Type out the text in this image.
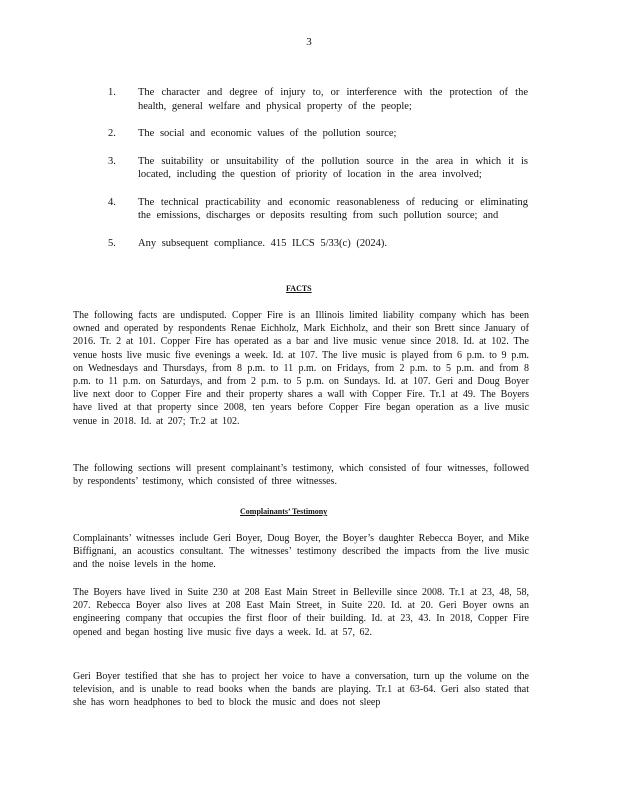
3
1.	The character and degree of injury to, or interference with the protection of the health, general welfare and physical property of the people;
2.	The social and economic values of the pollution source;
3.	The suitability or unsuitability of the pollution source in the area in which it is located, including the question of priority of location in the area involved;
4.	The technical practicability and economic reasonableness of reducing or eliminating the emissions, discharges or deposits resulting from such pollution source; and
5.	Any subsequent compliance. 415 ILCS 5/33(c) (2024).
FACTS

The following facts are undisputed. Copper Fire is an Illinois limited liability company which has been owned and operated by respondents Renae Eichholz, Mark Eichholz, and their son Brett since January of 2016. Tr. 2 at 101. Copper Fire has operated as a bar and live music venue since 2018. Id. at 102. The venue hosts live music five evenings a week. Id. at 107. The live music is played from 6 p.m. to 9 p.m. on Wednesdays and Thursdays, from 8 p.m. to 11 p.m. on Fridays, from 2 p.m. to 5 p.m. and from 8 p.m. to 11 p.m. on Saturdays, and from 2 p.m. to 5 p.m. on Sundays. Id. at 107. Geri and Doug Boyer live next door to Copper Fire and their property shares a wall with Copper Fire. Tr.1 at 49. The Boyers have lived at that property since 2008, ten years before Copper Fire began operation as a live music venue in 2018. Id. at 207; Tr.2 at 102.

The following sections will present complainant’s testimony, which consisted of four witnesses, followed by respondents’ testimony, which consisted of three witnesses.

Complainants’ Testimony

Complainants’ witnesses include Geri Boyer, Doug Boyer, the Boyer’s daughter Rebecca Boyer, and Mike Biffignani, an acoustics consultant. The witnesses’ testimony described the impacts from the live music and the noise levels in the home.

The Boyers have lived in Suite 230 at 208 East Main Street in Belleville since 2008. Tr.1 at 23, 48, 58, 207. Rebecca Boyer also lives at 208 East Main Street, in Suite 220. Id. at 20. Geri Boyer owns an engineering company that occupies the first floor of their building. Id. at 23, 43. In 2018, Copper Fire opened and began hosting live music five days a week. Id. at 57, 62.

Geri Boyer testified that she has to project her voice to have a conversation, turn up the volume on the television, and is unable to read books when the bands are playing. Tr.1 at 63-64. Geri also stated that she has worn headphones to bed to block the music and does not sleep
